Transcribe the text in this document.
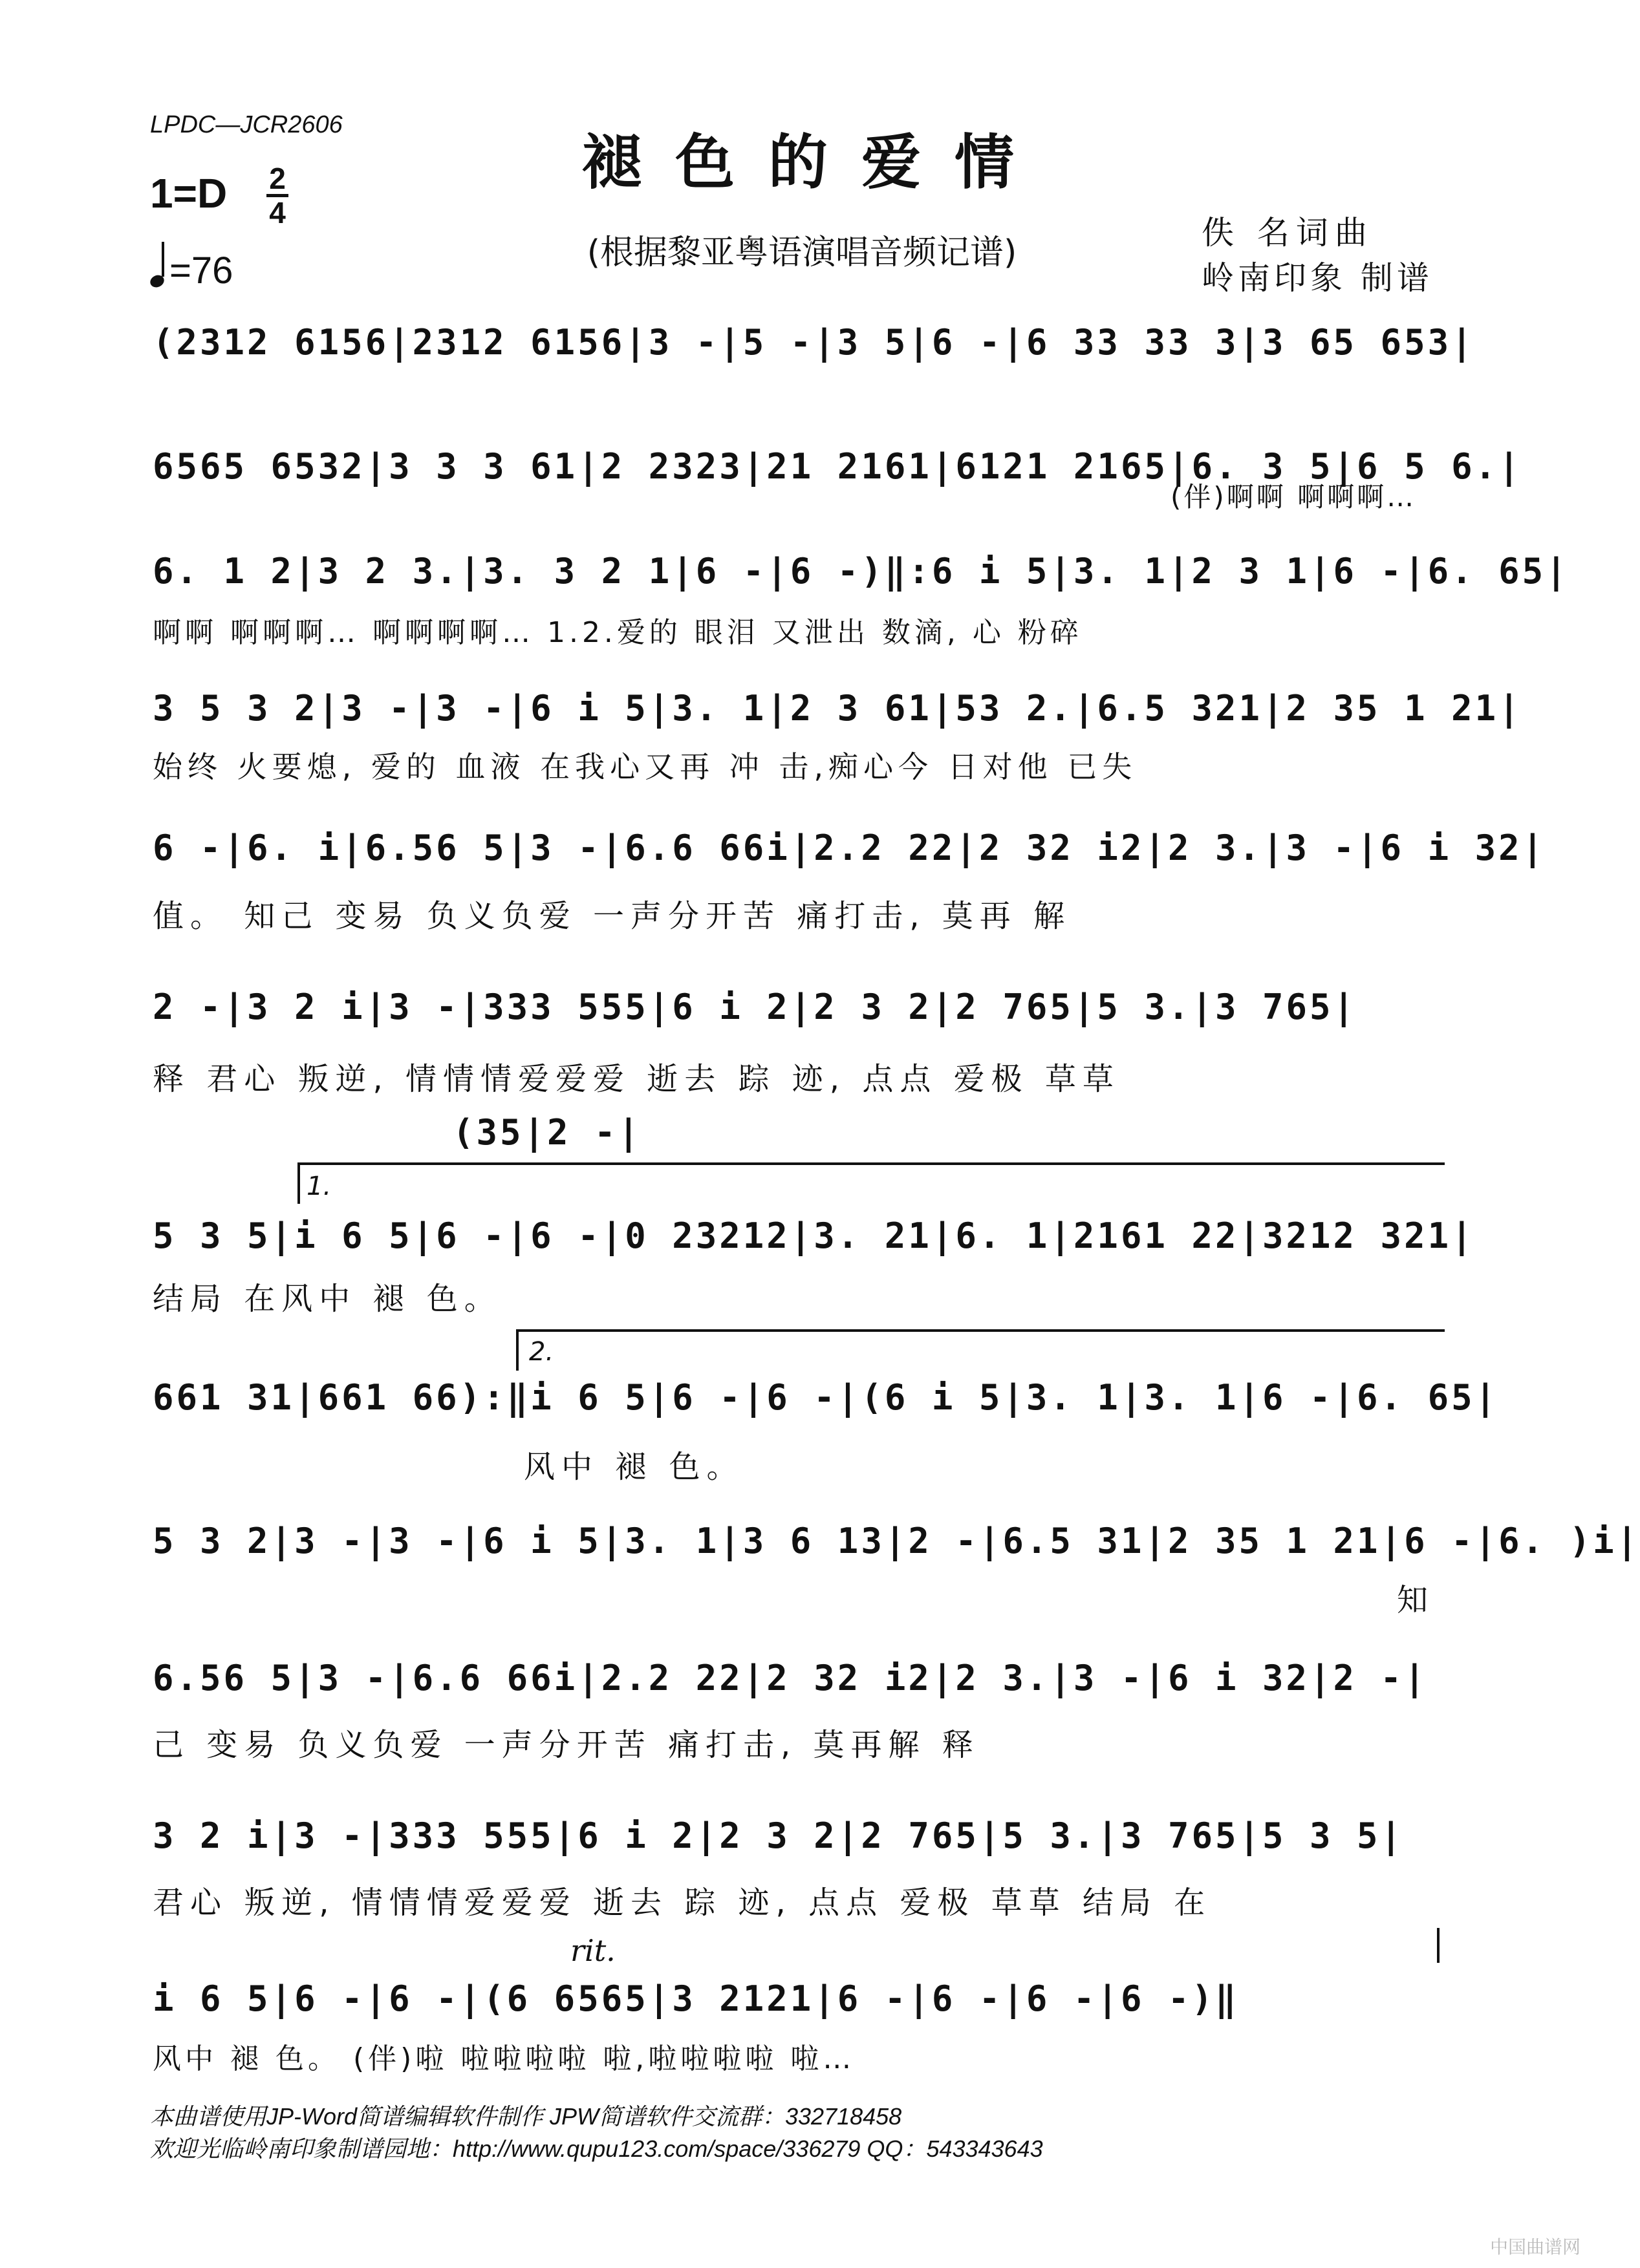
LPDC—JCR2606
褪色的爱情
1=D 2
4
=76	(根据黎亚粤语演唱音频记谱)
佚 名词曲
岭南印象 制谱
(2312 6156|2312 6156|3 -|5 -|3 5|6 -|6 33 33 3|3 65 653|
6565 6532|3 3 3 61|2 2323|21 2161|6121 2165|6. 3 5|6 5 6.|
(伴)啊啊 啊啊啊…
6. 1 2|3 2 3.|3. 3 2 1|6 -|6 -)‖:6 i 5|3. 1|2 3 1|6 -|6. 65|
啊啊 啊啊啊… 啊啊啊啊… 1.2.爱的 眼泪 又泄出 数滴, 心 粉碎
3 5 3 2|3 -|3 -|6 i 5|3. 1|2 3 61|53 2.|6.5 321|2 35 1 21|
始终 火要熄, 爱的 血液 在我心又再 冲 击,痴心今 日对他 已失
6 -|6. i|6.56 5|3 -|6.6 66i|2.2 22|2 32 i2|2 3.|3 -|6 i 32|
值。 知己 变易 负义负爱 一声分开苦 痛打击, 莫再 解
2 -|3 2 i|3 -|333 555|6 i 2|2 3 2|2 765|5 3.|3 765|
释 君心 叛逆, 情情情爱爱爱 逝去 踪 迹, 点点 爱极 草草
(35|2 -|
1.
5 3 5|i 6 5|6 -|6 -|0 23212|3. 21|6. 1|2161 22|3212 321|
结局 在风中 褪 色。
2.
661 31|661 66):‖i 6 5|6 -|6 -|(6 i 5|3. 1|3. 1|6 -|6. 65|
风中 褪 色。
5 3 2|3 -|3 -|6 i 5|3. 1|3 6 13|2 -|6.5 31|2 35 1 21|6 -|6. )i|
知
6.56 5|3 -|6.6 66i|2.2 22|2 32 i2|2 3.|3 -|6 i 32|2 -|
己 变易 负义负爱 一声分开苦 痛打击, 莫再解 释
3 2 i|3 -|333 555|6 i 2|2 3 2|2 765|5 3.|3 765|5 3 5|
君心 叛逆, 情情情爱爱爱 逝去 踪 迹, 点点 爱极 草草 结局 在
rit.
i 6 5|6 -|6 -|(6 6565|3 2121|6 -|6 -|6 -|6 -)‖
风中 褪 色。 (伴)啦 啦啦啦啦 啦,啦啦啦啦 啦…
本曲谱使用JP-Word简谱编辑软件制作 JPW简谱软件交流群：332718458
欢迎光临岭南印象制谱园地：http://www.qupu123.com/space/336279 QQ：543343643
中国曲谱网
